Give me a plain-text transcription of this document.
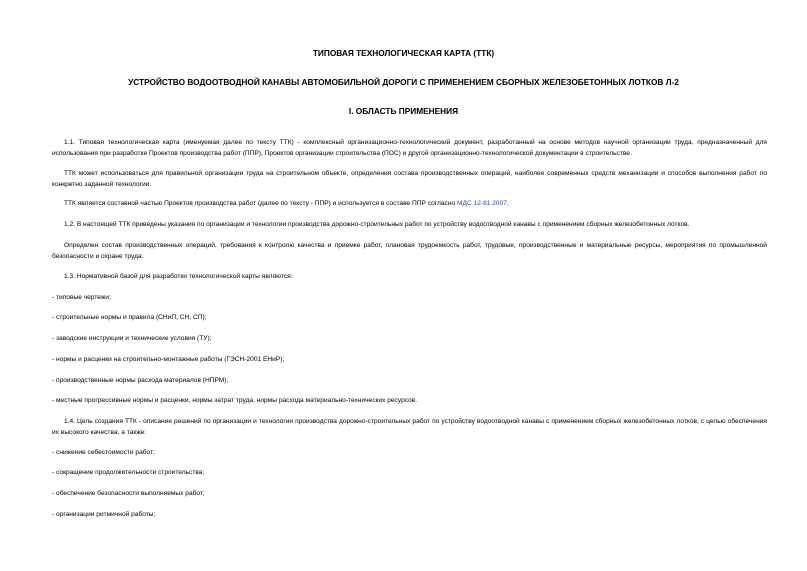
ТИПОВАЯ ТЕХНОЛОГИЧЕСКАЯ КАРТА (ТТК)
УСТРОЙСТВО ВОДООТВОДНОЙ КАНАВЫ АВТОМОБИЛЬНОЙ ДОРОГИ С ПРИМЕНЕНИЕМ СБОРНЫХ ЖЕЛЕЗОБЕТОННЫХ ЛОТКОВ Л-2
I. ОБЛАСТЬ ПРИМЕНЕНИЯ
1.1. Типовая технологическая карта (именуемая далее по тексту ТТК) - комплексный организационно-технологический документ, разработанный на основе методов научной организации труда, предназначенный для использования при разработке Проектов производства работ (ППР), Проектов организации строительства (ПОС) и другой организационно-технологической документации в строительстве.
ТТК может использоваться для правильной организации труда на строительном объекте, определения состава производственных операций, наиболее современных средств механизации и способов выполнения работ по конкретно заданной технологии.
ТТК является составной частью Проектов производства работ (далее по тексту - ППР) и используется в составе ППР согласно МДС 12-81.2007.
1.2. В настоящей ТТК приведены указания по организации и технологии производства дорожно-строительных работ по устройству водоотводной канавы с применением сборных железобетонных лотков.
Определен состав производственных операций, требования к контролю качества и приемке работ, плановая трудоемкость работ, трудовые, производственные и материальные ресурсы, мероприятия по промышленной безопасности и охране труда.
1.3. Нормативной базой для разработки технологической карты являются:
- типовые чертежи;
- строительные нормы и правила (СНиП, СН, СП);
- заводские инструкции и технические условия (ТУ);
- нормы и расценки на строительно-монтажные работы (ГЭСН-2001 ЕНиР);
- производственные нормы расхода материалов (НПРМ);
- местные прогрессивные нормы и расценки, нормы затрат труда, нормы расхода материально-технических ресурсов.
1.4. Цель создания ТТК - описание решений по организации и технологии производства дорожно-строительных работ по устройству водоотводной канавы с применением сборных железобетонных лотков, с целью обеспечения их высокого качества, а также:
- снижение себестоимости работ;
- сокращение продолжительности строительства;
- обеспечение безопасности выполняемых работ;
- организации ритмичной работы;
